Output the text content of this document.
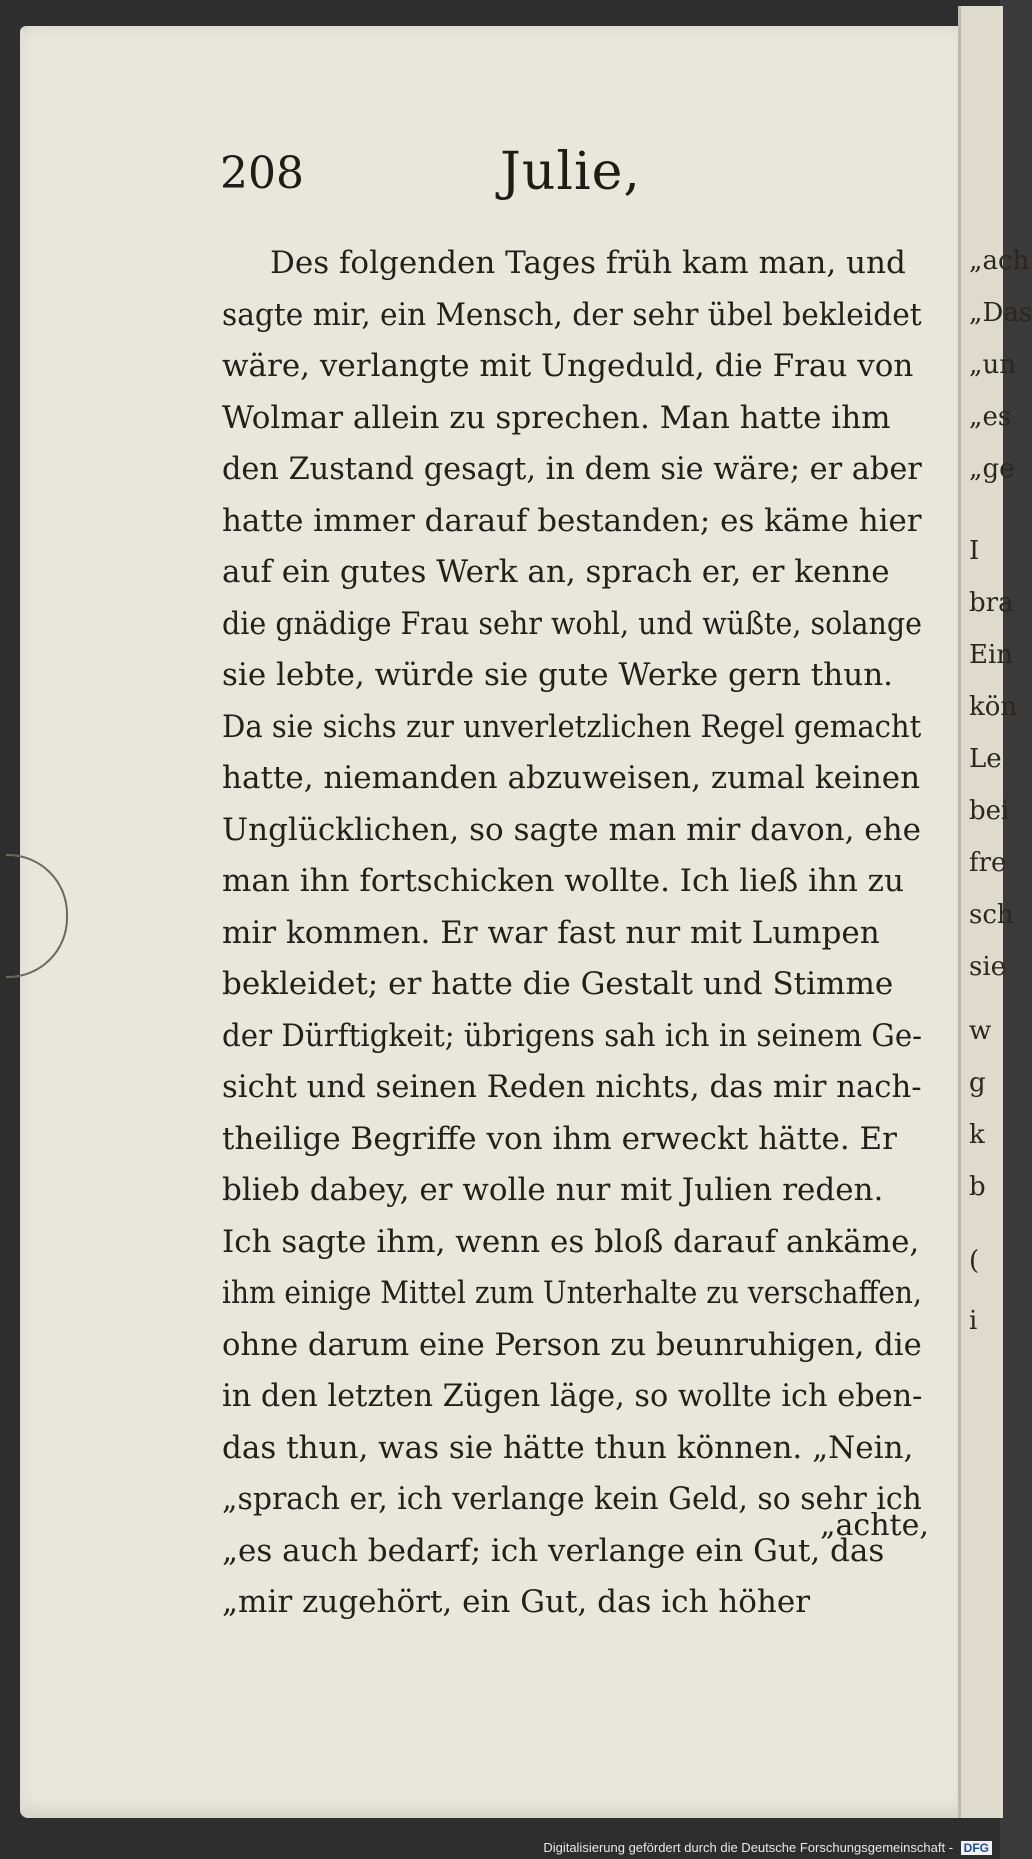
„ach
„Das
„un
„es
„ge
I
bra
Ein
kön
Le
bei
fre
sch
sie
w
g
k
b
(
i
208	Julie,
Des folgenden Tages früh kam man, und
sagte mir, ein Mensch, der sehr übel bekleidet
wäre, verlangte mit Ungeduld, die Frau von
Wolmar allein zu sprechen. Man hatte ihm
den Zustand gesagt, in dem sie wäre; er aber
hatte immer darauf bestanden; es käme hier
auf ein gutes Werk an, sprach er, er kenne
die gnädige Frau sehr wohl, und wüßte, solange
sie lebte, würde sie gute Werke gern thun.
Da sie sichs zur unverletzlichen Regel gemacht
hatte, niemanden abzuweisen, zumal keinen
Unglücklichen, so sagte man mir davon, ehe
man ihn fortschicken wollte. Ich ließ ihn zu
mir kommen. Er war fast nur mit Lumpen
bekleidet; er hatte die Gestalt und Stimme
der Dürftigkeit; übrigens sah ich in seinem Ge-
sicht und seinen Reden nichts, das mir nach-
theilige Begriffe von ihm erweckt hätte. Er
blieb dabey, er wolle nur mit Julien reden.
Ich sagte ihm, wenn es bloß darauf ankäme,
ihm einige Mittel zum Unterhalte zu verschaffen,
ohne darum eine Person zu beunruhigen, die
in den letzten Zügen läge, so wollte ich eben-
das thun, was sie hätte thun können. „Nein,
„sprach er, ich verlange kein Geld, so sehr ich
„es auch bedarf; ich verlange ein Gut, das
„mir zugehört, ein Gut, das ich höher
„achte,
Digitalisierung gefördert durch die Deutsche Forschungsgemeinschaft - DFG
